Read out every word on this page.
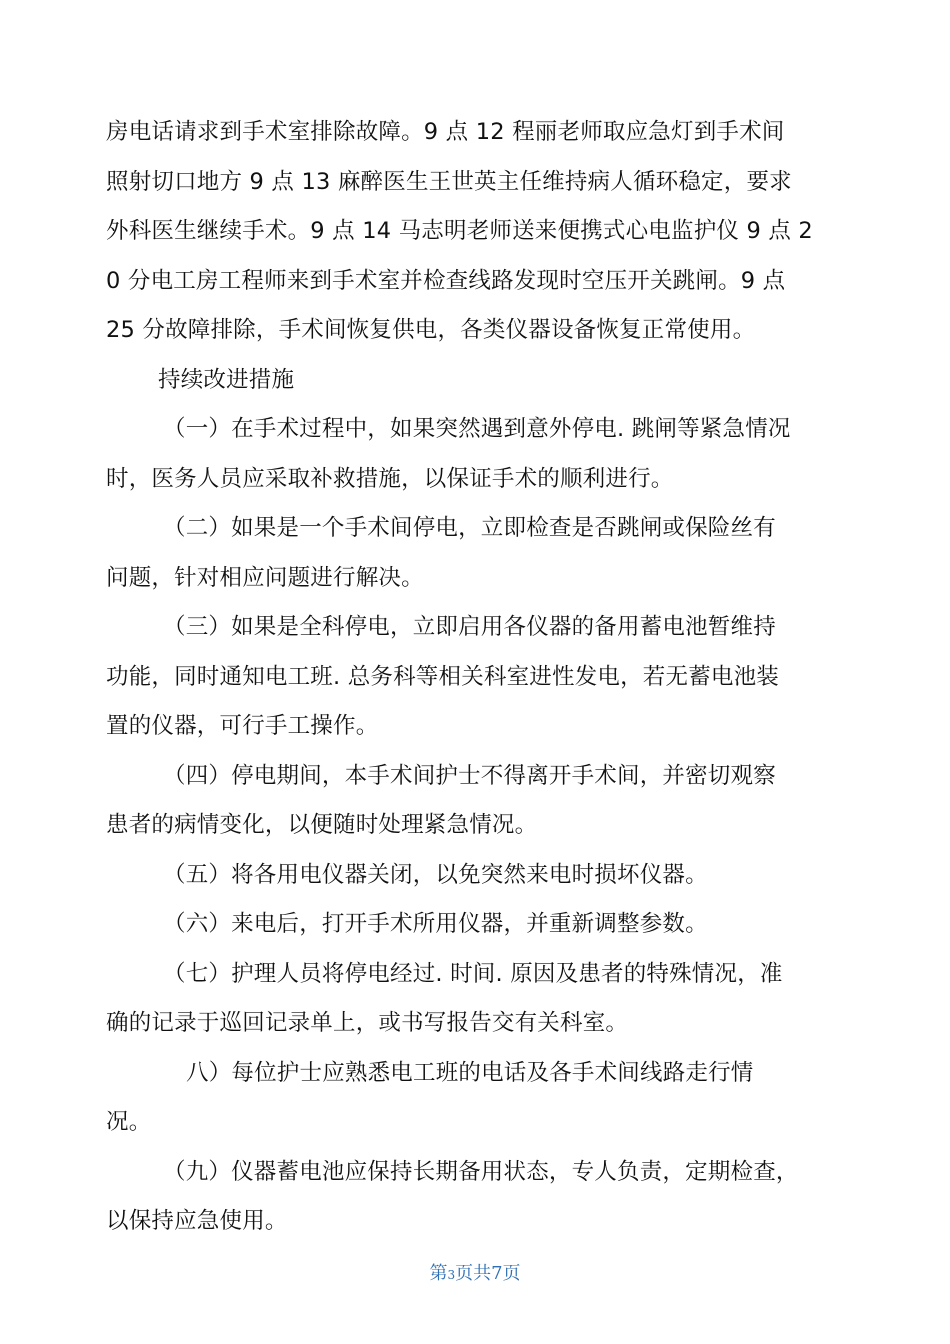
房电话请求到手术室排除故障。9 点 12 程丽老师取应急灯到手术间
照射切口地方 9 点 13 麻醉医生王世英主任维持病人循环稳定，要求
外科医生继续手术。9 点 14 马志明老师送来便携式心电监护仪 9 点 2
0 分电工房工程师来到手术室并检查线路发现时空压开关跳闸。9 点
25 分故障排除，手术间恢复供电，各类仪器设备恢复正常使用。
持续改进措施
（一）在手术过程中，如果突然遇到意外停电. 跳闸等紧急情况
时，医务人员应采取补救措施，以保证手术的顺利进行。
（二）如果是一个手术间停电，立即检查是否跳闸或保险丝有
问题，针对相应问题进行解决。
（三）如果是全科停电，立即启用各仪器的备用蓄电池暂维持
功能，同时通知电工班. 总务科等相关科室进性发电，若无蓄电池装
置的仪器，可行手工操作。
（四）停电期间，本手术间护士不得离开手术间，并密切观察
患者的病情变化，以便随时处理紧急情况。
（五）将各用电仪器关闭，以免突然来电时损坏仪器。
（六）来电后，打开手术所用仪器，并重新调整参数。
（七）护理人员将停电经过. 时间. 原因及患者的特殊情况，准
确的记录于巡回记录单上，或书写报告交有关科室。
八）每位护士应熟悉电工班的电话及各手术间线路走行情
况。
（九）仪器蓄电池应保持长期备用状态，专人负责，定期检查，
以保持应急使用。
第3页共7页
